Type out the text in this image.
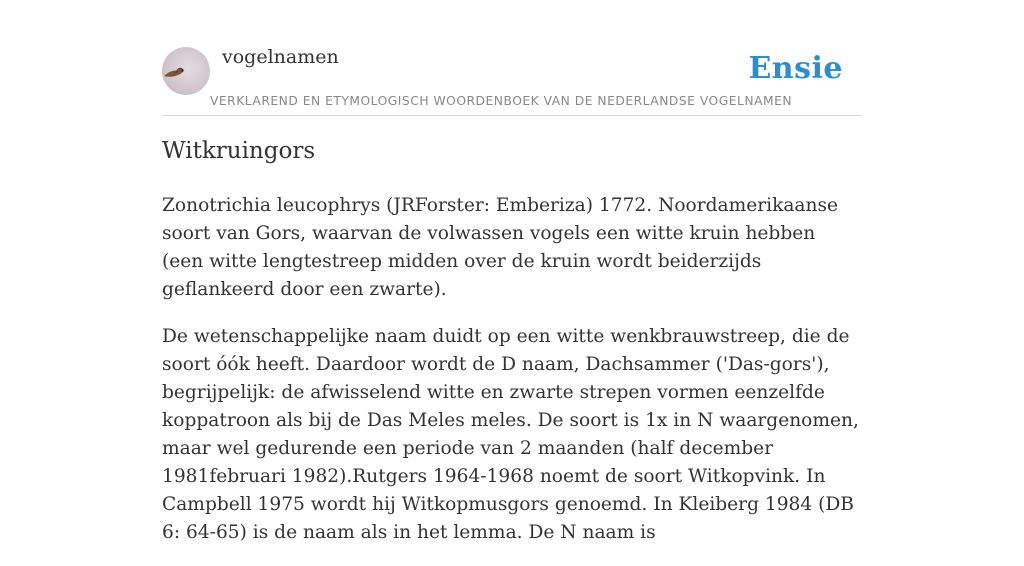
vogelnamen	Ensie
VERKLAREND EN ETYMOLOGISCH WOORDENBOEK VAN DE NEDERLANDSE VOGELNAMEN
Witkruingors

Zonotrichia leucophrys (JRForster: Emberiza) 1772. Noordamerikaanse soort van Gors, waarvan de volwassen vogels een witte kruin hebben (een witte lengtestreep midden over de kruin wordt beiderzijds geflankeerd door een zwarte).

De wetenschappelijke naam duidt op een witte wenkbrauwstreep, die de soort óók heeft. Daardoor wordt de D naam, Dachsammer ('Das-gors'), begrijpelijk: de afwisselend witte en zwarte strepen vormen eenzelfde koppatroon als bij de Das Meles meles. De soort is 1x in N waargenomen, maar wel gedurende een periode van 2 maanden (half december 1981februari 1982).Rutgers 1964-1968 noemt de soort Witkopvink. In Campbell 1975 wordt hij Witkopmusgors genoemd. In Kleiberg 1984 (DB 6: 64-65) is de naam als in het lemma. De N naam is
